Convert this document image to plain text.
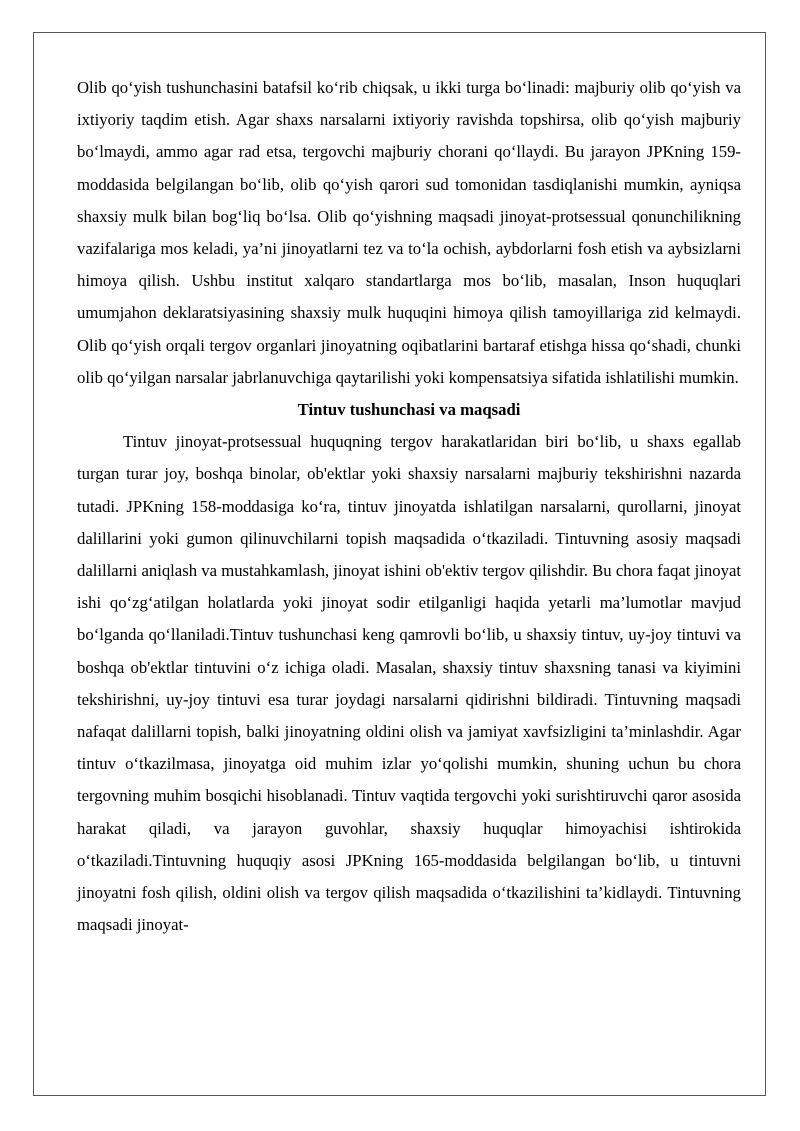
Olib qo‘yish tushunchasini batafsil ko‘rib chiqsak, u ikki turga bo‘linadi: majburiy olib qo‘yish va ixtiyoriy taqdim etish. Agar shaxs narsalarni ixtiyoriy ravishda topshirsa, olib qo‘yish majburiy bo‘lmaydi, ammo agar rad etsa, tergovchi majburiy chorani qo‘llaydi. Bu jarayon JPKning 159-moddasida belgilangan bo‘lib, olib qo‘yish qarori sud tomonidan tasdiqlanishi mumkin, ayniqsa shaxsiy mulk bilan bog‘liq bo‘lsa. Olib qo‘yishning maqsadi jinoyat-protsessual qonunchilikning vazifalariga mos keladi, ya’ni jinoyatlarni tez va to‘la ochish, aybdorlarni fosh etish va aybsizlarni himoya qilish. Ushbu institut xalqaro standartlarga mos bo‘lib, masalan, Inson huquqlari umumjahon deklaratsiyasining shaxsiy mulk huquqini himoya qilish tamoyillariga zid kelmaydi. Olib qo‘yish orqali tergov organlari jinoyatning oqibatlarini bartaraf etishga hissa qo‘shadi, chunki olib qo‘yilgan narsalar jabrlanuvchiga qaytarilishi yoki kompensatsiya sifatida ishlatilishi mumkin.

Tintuv tushunchasi va maqsadi

Tintuv jinoyat-protsessual huquqning tergov harakatlaridan biri bo‘lib, u shaxs egallab turgan turar joy, boshqa binolar, ob'ektlar yoki shaxsiy narsalarni majburiy tekshirishni nazarda tutadi. JPKning 158-moddasiga ko‘ra, tintuv jinoyatda ishlatilgan narsalarni, qurollarni, jinoyat dalillarini yoki gumon qilinuvchilarni topish maqsadida o‘tkaziladi. Tintuvning asosiy maqsadi dalillarni aniqlash va mustahkamlash, jinoyat ishini ob'ektiv tergov qilishdir. Bu chora faqat jinoyat ishi qo‘zg‘atilgan holatlarda yoki jinoyat sodir etilganligi haqida yetarli ma’lumotlar mavjud bo‘lganda qo‘llaniladi.Tintuv tushunchasi keng qamrovli bo‘lib, u shaxsiy tintuv, uy-joy tintuvi va boshqa ob'ektlar tintuvini o‘z ichiga oladi. Masalan, shaxsiy tintuv shaxsning tanasi va kiyimini tekshirishni, uy-joy tintuvi esa turar joydagi narsalarni qidirishni bildiradi. Tintuvning maqsadi nafaqat dalillarni topish, balki jinoyatning oldini olish va jamiyat xavfsizligini ta’minlashdir. Agar tintuv o‘tkazilmasa, jinoyatga oid muhim izlar yo‘qolishi mumkin, shuning uchun bu chora tergovning muhim bosqichi hisoblanadi. Tintuv vaqtida tergovchi yoki surishtiruvchi qaror asosida harakat qiladi, va jarayon guvohlar, shaxsiy huquqlar himoyachisi ishtirokida o‘tkaziladi.Tintuvning huquqiy asosi JPKning 165-moddasida belgilangan bo‘lib, u tintuvni jinoyatni fosh qilish, oldini olish va tergov qilish maqsadida o‘tkazilishini ta’kidlaydi. Tintuvning maqsadi jinoyat-
